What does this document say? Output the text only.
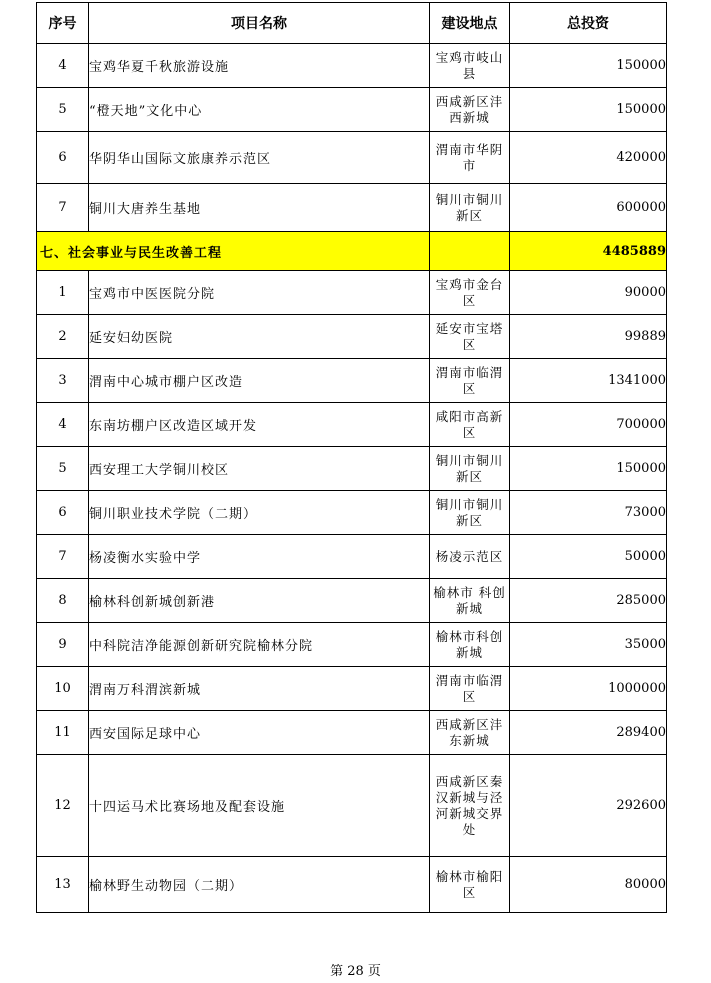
序号	项目名称	建设地点	总投资
4	宝鸡华夏千秋旅游设施	宝鸡市岐山县	150000
5	“橙天地”文化中心	西咸新区沣西新城	150000
6	华阴华山国际文旅康养示范区	渭南市华阴市	420000
7	铜川大唐养生基地	铜川市铜川新区	600000
七、社会事业与民生改善工程			4485889
1	宝鸡市中医医院分院	宝鸡市金台区	90000
2	延安妇幼医院	延安市宝塔区	99889
3	渭南中心城市棚户区改造	渭南市临渭区	1341000
4	东南坊棚户区改造区域开发	咸阳市高新区	700000
5	西安理工大学铜川校区	铜川市铜川新区	150000
6	铜川职业技术学院（二期）	铜川市铜川新区	73000
7	杨凌衡水实验中学	杨凌示范区	50000
8	榆林科创新城创新港	榆林市 科创新城	285000
9	中科院洁净能源创新研究院榆林分院	榆林市科创新城	35000
10	渭南万科渭滨新城	渭南市临渭区	1000000
11	西安国际足球中心	西咸新区沣东新城	289400
12	十四运马术比赛场地及配套设施	西咸新区秦汉新城与泾河新城交界处	292600
13	榆林野生动物园（二期）	榆林市榆阳区	80000
第 28 页
